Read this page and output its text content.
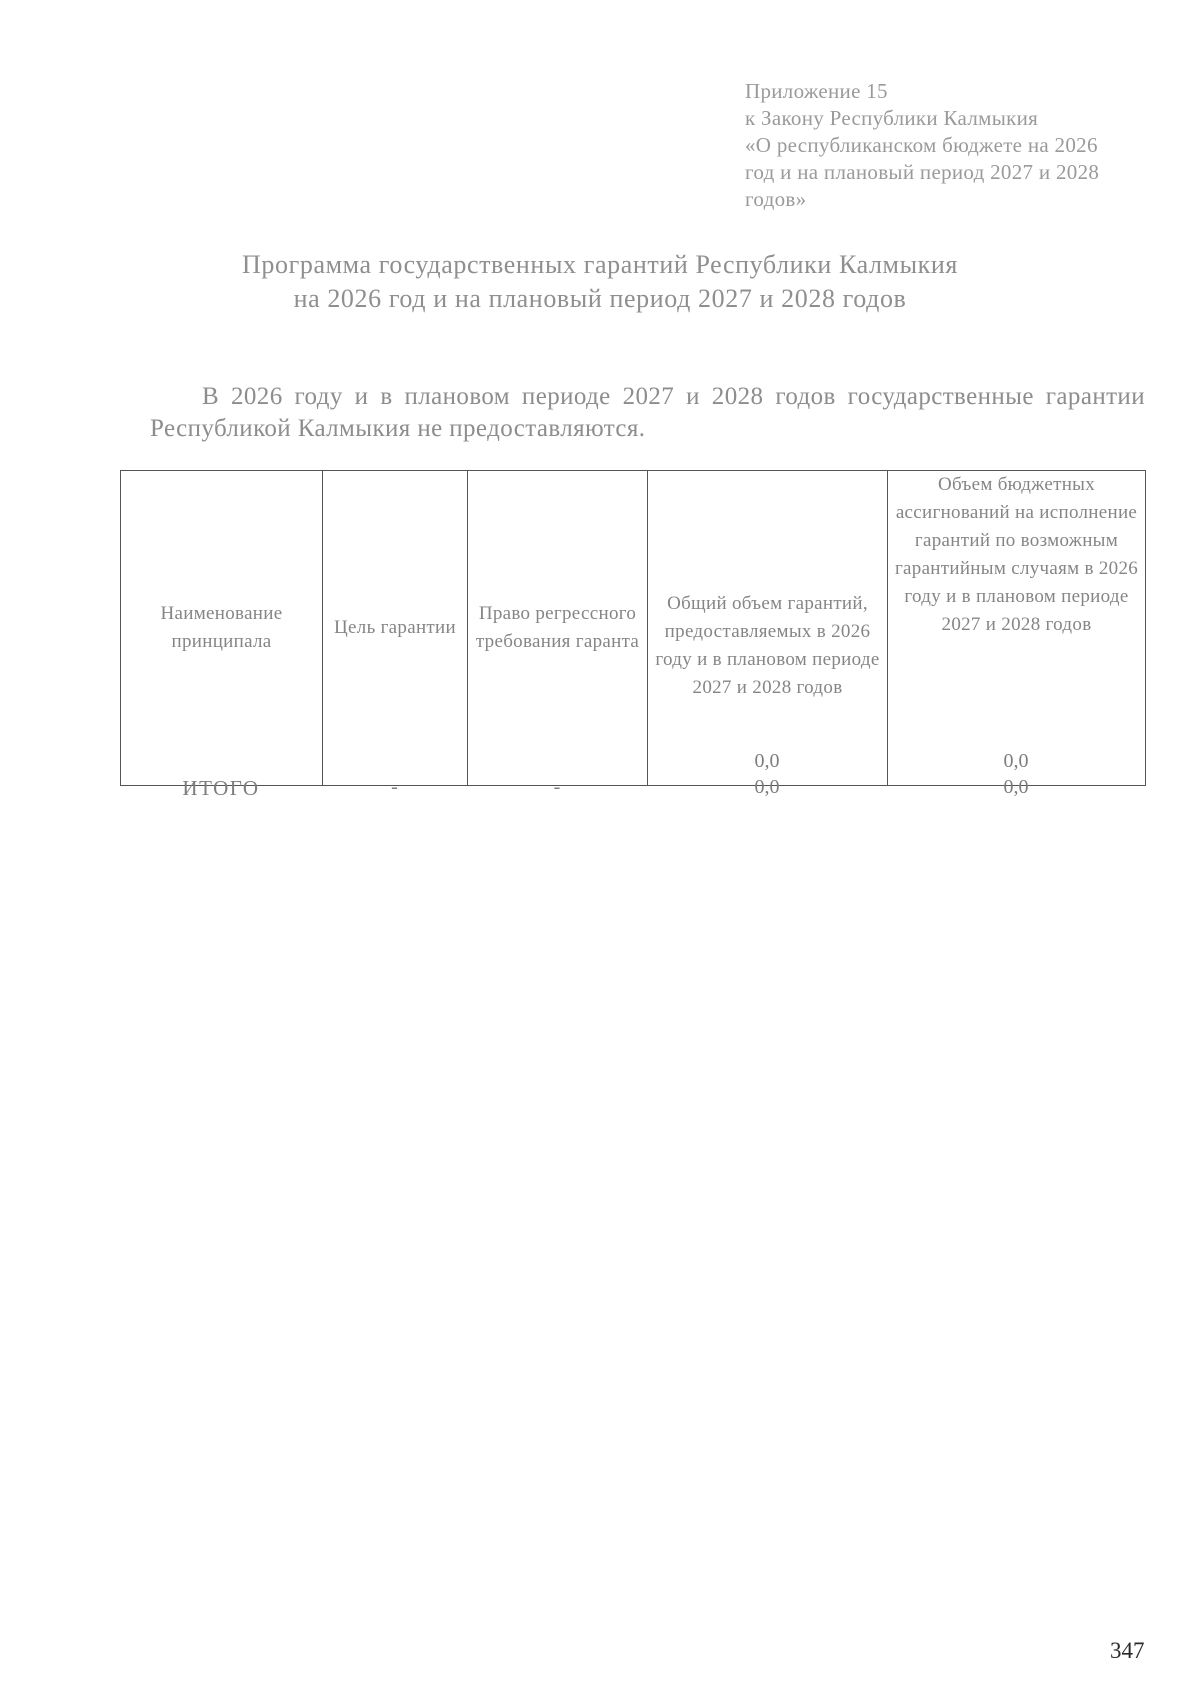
Приложение 15
к Закону Республики Калмыкия
«О республиканском бюджете на 2026
год и на плановый период 2027 и 2028
годов»
Программа государственных гарантий Республики Калмыкия
на 2026 год и на плановый период 2027 и 2028 годов
В 2026 году и в плановом периоде 2027 и 2028 годов государственные гарантии Республикой Калмыкия не предоставляются.
Наименование принципала	Цель гарантии	Право регрессного требования гаранта	Общий объем гарантий, предоставляемых в 2026 году и в плановом периоде 2027 и 2028 годов	Объем бюджетных ассигнований на исполнение гарантий по возможным гарантийным случаям в 2026 году и в плановом периоде 2027 и 2028 годов
0,0	0,0
ИТОГО	-	-	0,0	0,0
347
